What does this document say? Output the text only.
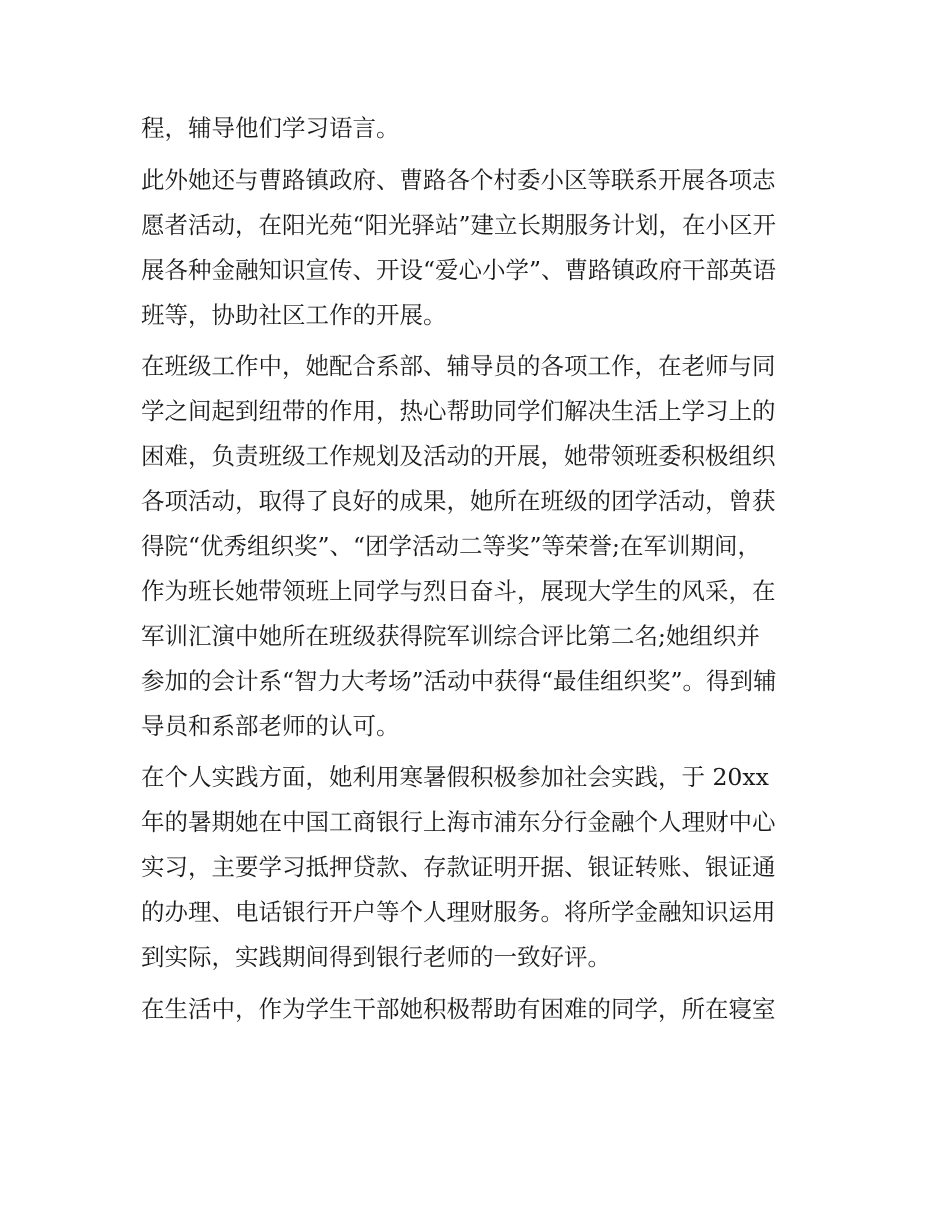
程，辅导他们学习语言。

此外她还与曹路镇政府、曹路各个村委小区等联系开展各项志

愿者活动，在阳光苑“阳光驿站”建立长期服务计划，在小区开

展各种金融知识宣传、开设“爱心小学”、曹路镇政府干部英语

班等，协助社区工作的开展。

在班级工作中，她配合系部、辅导员的各项工作，在老师与同

学之间起到纽带的作用，热心帮助同学们解决生活上学习上的

困难，负责班级工作规划及活动的开展，她带领班委积极组织

各项活动，取得了良好的成果，她所在班级的团学活动，曾获

得院“优秀组织奖”、“团学活动二等奖”等荣誉;在军训期间，

作为班长她带领班上同学与烈日奋斗，展现大学生的风采，在

军训汇演中她所在班级获得院军训综合评比第二名;她组织并

参加的会计系“智力大考场”活动中获得“最佳组织奖”。得到辅

导员和系部老师的认可。

在个人实践方面，她利用寒暑假积极参加社会实践，于 20xx

年的暑期她在中国工商银行上海市浦东分行金融个人理财中心

实习，主要学习抵押贷款、存款证明开据、银证转账、银证通

的办理、电话银行开户等个人理财服务。将所学金融知识运用

到实际，实践期间得到银行老师的一致好评。

在生活中，作为学生干部她积极帮助有困难的同学，所在寝室
